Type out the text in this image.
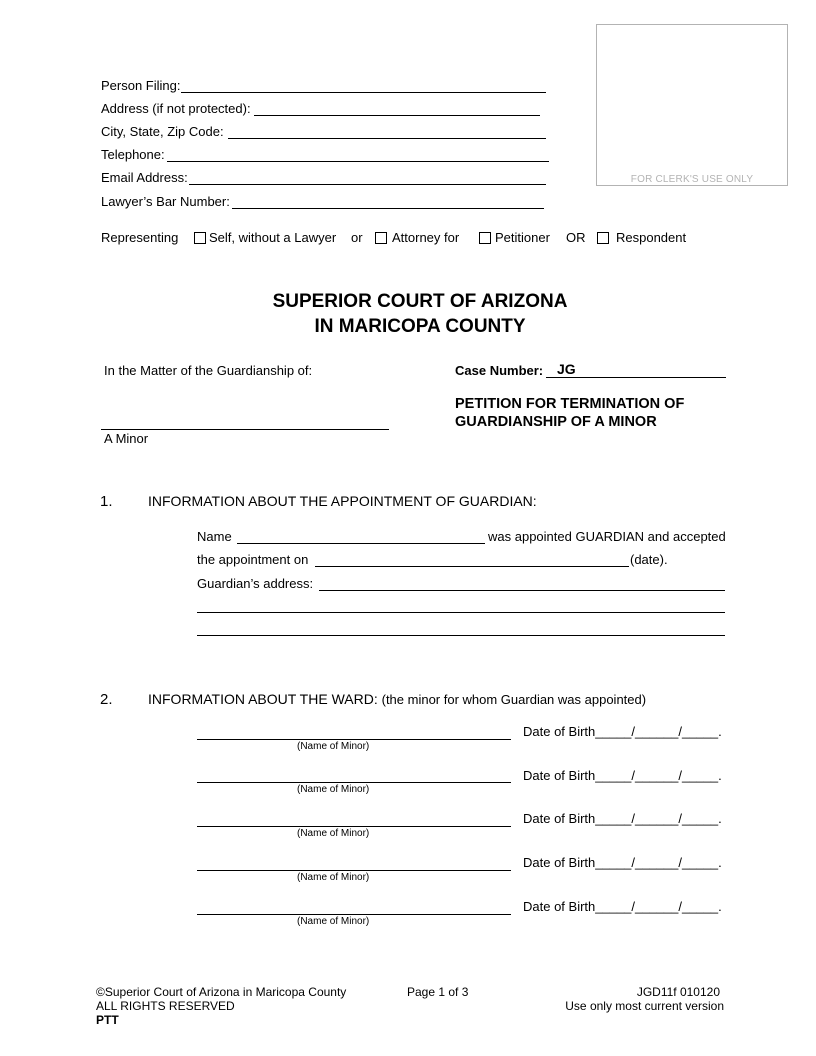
Person Filing:
Address (if not protected):
City, State, Zip Code:
Telephone:
Email Address:
Lawyer’s Bar Number:
FOR CLERK'S USE ONLY
Representing Self, without a Lawyer or Attorney for	Petitioner OR Respondent
SUPERIOR COURT OF ARIZONA
IN MARICOPA COUNTY
In the Matter of the Guardianship of:
A Minor
Case Number: JG
PETITION FOR TERMINATION OF
GUARDIANSHIP OF A MINOR
1.	INFORMATION ABOUT THE APPOINTMENT OF GUARDIAN:
Name	was appointed GUARDIAN and accepted
the appointment on	(date).
Guardian’s address:
2.	INFORMATION ABOUT THE WARD: (the minor for whom Guardian was appointed)
(Name of Minor)
Date of Birth_____/______/_____.
(Name of Minor)
Date of Birth_____/______/_____.
(Name of Minor)
Date of Birth_____/______/_____.
(Name of Minor)
Date of Birth_____/______/_____.
(Name of Minor)
Date of Birth_____/______/_____.
©Superior Court of Arizona in Maricopa County
ALL RIGHTS RESERVED
PTT
Page 1 of 3	JGD11f 010120
Use only most current version
